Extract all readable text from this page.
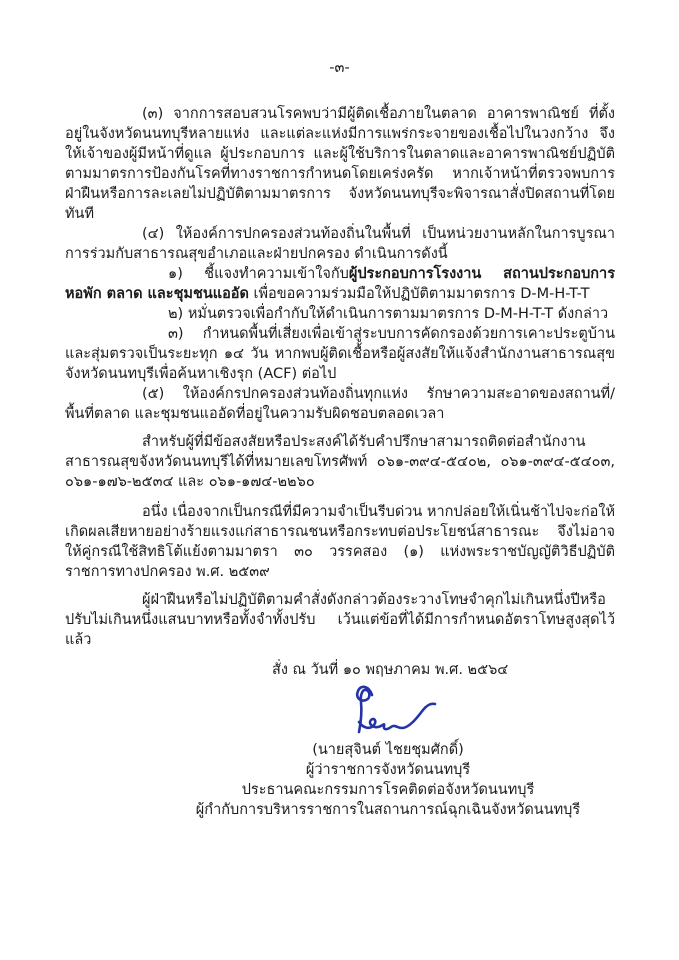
-๓-

(๓) จากการสอบสวนโรคพบว่ามีผู้ติดเชื้อภายในตลาด อาคารพาณิชย์ ที่ตั้งอยู่ในจังหวัดนนทบุรีหลายแห่ง และแต่ละแห่งมีการแพร่กระจายของเชื้อไปในวงกว้าง จึงให้เจ้าของผู้มีหน้าที่ดูแล ผู้ประกอบการ และผู้ใช้บริการในตลาดและอาคารพาณิชย์ปฏิบัติตามมาตรการป้องกันโรคที่ทางราชการกำหนดโดยเคร่งครัด หากเจ้าหน้าที่ตรวจพบการฝ่าฝืนหรือการละเลยไม่ปฏิบัติตามมาตรการ จังหวัดนนทบุรีจะพิจารณาสั่งปิดสถานที่โดยทันที

(๔) ให้องค์การปกครองส่วนท้องถิ่นในพื้นที่ เป็นหน่วยงานหลักในการบูรณาการร่วมกับสาธารณสุขอำเภอและฝ่ายปกครอง ดำเนินการดังนี้

๑) ชี้แจงทำความเข้าใจกับผู้ประกอบการโรงงาน สถานประกอบการ หอพัก ตลาด และชุมชนแออัด เพื่อขอความร่วมมือให้ปฏิบัติตามมาตรการ D-M-H-T-T

๒) หมั่นตรวจเพื่อกำกับให้ดำเนินการตามมาตรการ D-M-H-T-T ดังกล่าว

๓) กำหนดพื้นที่เสี่ยงเพื่อเข้าสู่ระบบการคัดกรองด้วยการเคาะประตูบ้านและสุ่มตรวจเป็นระยะทุก ๑๔ วัน หากพบผู้ติดเชื้อหรือผู้สงสัยให้แจ้งสำนักงานสาธารณสุขจังหวัดนนทบุรีเพื่อค้นหาเชิงรุก (ACF) ต่อไป

(๕) ให้องค์กรปกครองส่วนท้องถิ่นทุกแห่ง รักษาความสะอาดของสถานที่/พื้นที่ตลาด และชุมชนแออัดที่อยู่ในความรับผิดชอบตลอดเวลา

สำหรับผู้ที่มีข้อสงสัยหรือประสงค์ได้รับคำปรึกษาสามารถติดต่อสำนักงานสาธารณสุขจังหวัดนนทบุรีได้ที่หมายเลขโทรศัพท์ ๐๖๑-๓๙๔-๕๔๐๒, ๐๖๑-๓๙๔-๕๔๐๓, ๐๖๑-๑๗๖-๒๕๓๔ และ ๐๖๑-๑๗๔-๒๒๖๐

อนึ่ง เนื่องจากเป็นกรณีที่มีความจำเป็นรีบด่วน หากปล่อยให้เนิ่นช้าไปจะก่อให้เกิดผลเสียหายอย่างร้ายแรงแก่สาธารณชนหรือกระทบต่อประโยชน์สาธารณะ จึงไม่อาจให้คู่กรณีใช้สิทธิโต้แย้งตามมาตรา ๓๐ วรรคสอง (๑) แห่งพระราชบัญญัติวิธีปฏิบัติราชการทางปกครอง พ.ศ. ๒๕๓๙

ผู้ฝ่าฝืนหรือไม่ปฏิบัติตามคำสั่งดังกล่าวต้องระวางโทษจำคุกไม่เกินหนึ่งปีหรือปรับไม่เกินหนึ่งแสนบาทหรือทั้งจำทั้งปรับ เว้นแต่ข้อที่ได้มีการกำหนดอัตราโทษสูงสุดไว้แล้ว

สั่ง ณ วันที่ ๑๐ พฤษภาคม พ.ศ. ๒๕๖๔

(นายสุจินต์ ไชยชุมศักดิ์)

ผู้ว่าราชการจังหวัดนนทบุรี

ประธานคณะกรรมการโรคติดต่อจังหวัดนนทบุรี

ผู้กำกับการบริหารราชการในสถานการณ์ฉุกเฉินจังหวัดนนทบุรี
